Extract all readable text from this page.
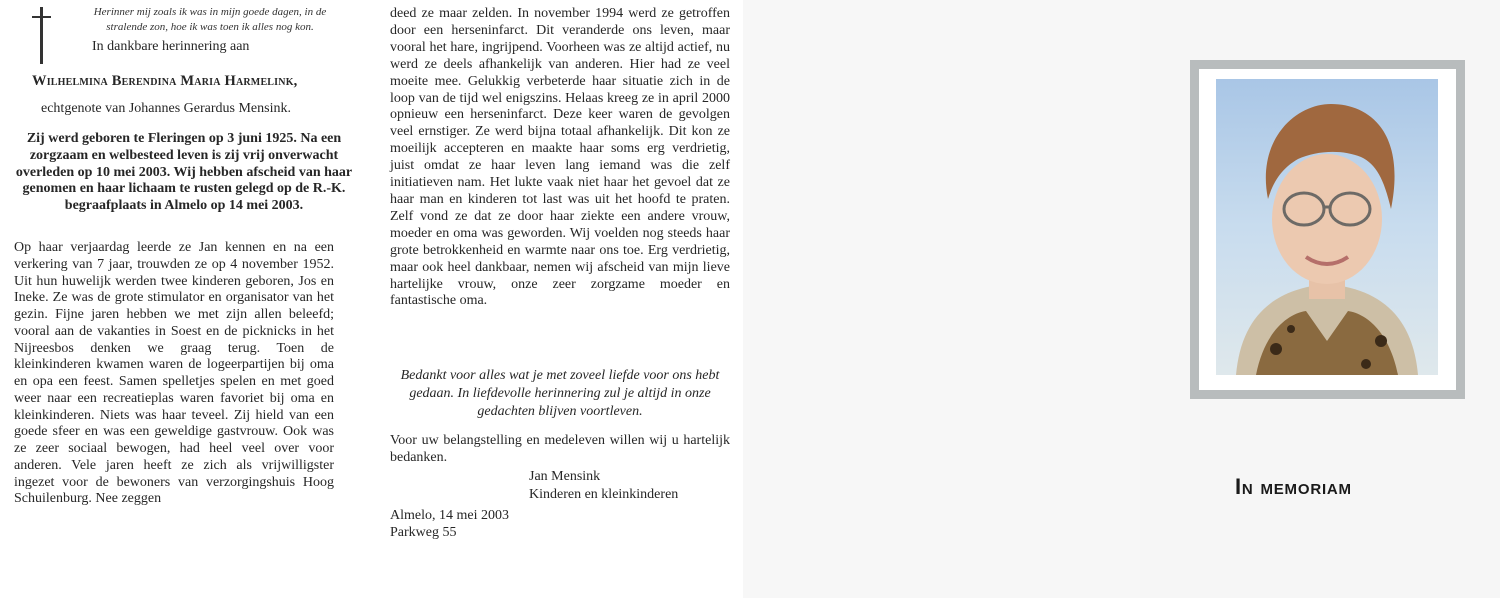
Herinner mij zoals ik was in mijn goede dagen, in de

stralende zon, hoe ik was toen ik alles nog kon.

In dankbare herinnering aan

Wilhelmina Berendina Maria Harmelink,

echtgenote van Johannes Gerardus Mensink.

Zij werd geboren te Fleringen op 3 juni 1925. Na een zorgzaam en welbesteed leven is zij vrij onverwacht overleden op 10 mei 2003. Wij hebben afscheid van haar genomen en haar lichaam te rusten gelegd op de R.-K. begraafplaats in Almelo op 14 mei 2003.

Op haar verjaardag leerde ze Jan kennen en na een verkering van 7 jaar, trouwden ze op 4 november 1952. Uit hun huwelijk werden twee kinderen geboren, Jos en Ineke. Ze was de grote stimulator en organisator van het gezin. Fijne jaren hebben we met zijn allen beleefd; vooral aan de vakanties in Soest en de picknicks in het Nijreesbos denken we graag terug. Toen de kleinkinderen kwamen waren de logeerpartijen bij oma en opa een feest. Samen spelletjes spelen en met goed weer naar een recreatieplas waren favoriet bij oma en kleinkinderen. Niets was haar teveel. Zij hield van een goede sfeer en was een geweldige gastvrouw. Ook was ze zeer sociaal bewogen, had heel veel over voor anderen. Vele jaren heeft ze zich als vrijwilligster ingezet voor de bewoners van verzorgingshuis Hoog Schuilenburg. Nee zeggen

deed ze maar zelden. In november 1994 werd ze getroffen door een herseninfarct. Dit veranderde ons leven, maar vooral het hare, ingrijpend. Voorheen was ze altijd actief, nu werd ze deels afhankelijk van anderen. Hier had ze veel moeite mee. Gelukkig verbeterde haar situatie zich in de loop van de tijd wel enigszins. Helaas kreeg ze in april 2000 opnieuw een herseninfarct. Deze keer waren de gevolgen veel ernstiger. Ze werd bijna totaal afhankelijk. Dit kon ze moeilijk accepteren en maakte haar soms erg verdrietig, juist omdat ze haar leven lang iemand was die zelf initiatieven nam. Het lukte vaak niet haar het gevoel dat ze haar man en kinderen tot last was uit het hoofd te praten. Zelf vond ze dat ze door haar ziekte een andere vrouw, moeder en oma was geworden. Wij voelden nog steeds haar grote betrokkenheid en warmte naar ons toe. Erg verdrietig, maar ook heel dankbaar, nemen wij afscheid van mijn lieve hartelijke vrouw, onze zeer zorgzame moeder en fantastische oma.

Bedankt voor alles wat je met zoveel liefde voor ons hebt gedaan. In liefdevolle herinnering zul je altijd in onze gedachten blijven voortleven.

Voor uw belangstelling en medeleven willen wij u hartelijk bedanken.

Jan Mensink

Kinderen en kleinkinderen

Almelo, 14 mei 2003

Parkweg 55

In memoriam
